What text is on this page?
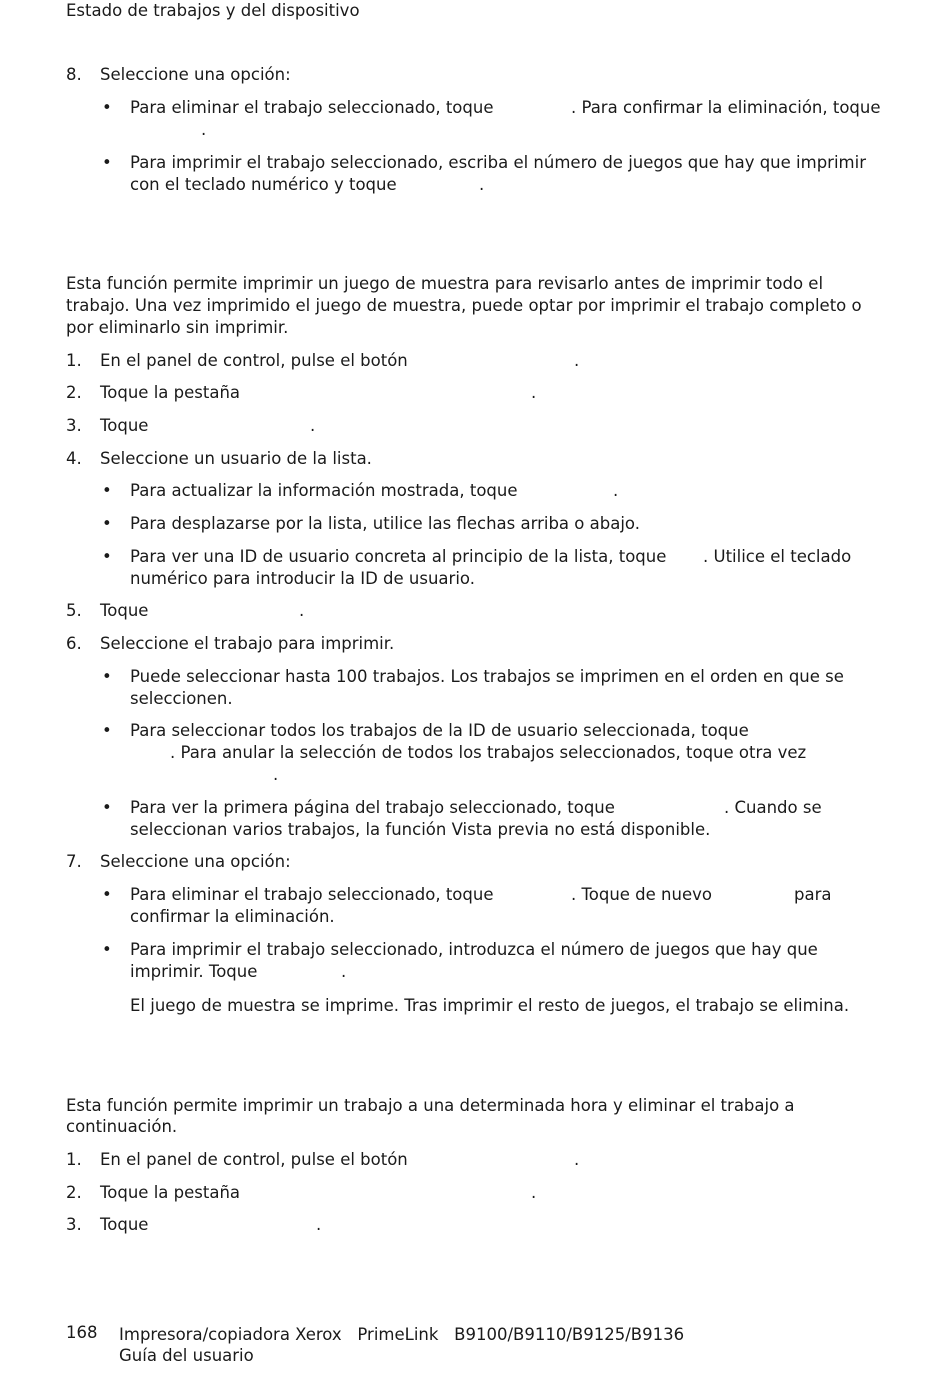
Estado de trabajos y del dispositivo
8.	Seleccione una opción:
• Para eliminar el trabajo seleccionado, toque	. Para confirmar la eliminación, toque
.
• Para imprimir el trabajo seleccionado, escriba el número de juegos que hay que imprimir
con el teclado numérico y toque	.
Esta función permite imprimir un juego de muestra para revisarlo antes de imprimir todo el
trabajo. Una vez imprimido el juego de muestra, puede optar por imprimir el trabajo completo o
por eliminarlo sin imprimir.
1.	En el panel de control, pulse el botón	.
2.	Toque la pestaña	.
3.	Toque	.
4.	Seleccione un usuario de la lista.
• Para actualizar la información mostrada, toque	.
• Para desplazarse por la lista, utilice las flechas arriba o abajo.
• Para ver una ID de usuario concreta al principio de la lista, toque . Utilice el teclado
numérico para introducir la ID de usuario.
5.	Toque	.
6.	Seleccione el trabajo para imprimir.
• Puede seleccionar hasta 100 trabajos. Los trabajos se imprimen en el orden en que se
seleccionen.
• Para seleccionar todos los trabajos de la ID de usuario seleccionada, toque
. Para anular la selección de todos los trabajos seleccionados, toque otra vez
.
• Para ver la primera página del trabajo seleccionado, toque	. Cuando se
seleccionan varios trabajos, la función Vista previa no está disponible.
7.	Seleccione una opción:
• Para eliminar el trabajo seleccionado, toque	. Toque de nuevo	para
confirmar la eliminación.
• Para imprimir el trabajo seleccionado, introduzca el número de juegos que hay que
imprimir. Toque	.
El juego de muestra se imprime. Tras imprimir el resto de juegos, el trabajo se elimina.
Esta función permite imprimir un trabajo a una determinada hora y eliminar el trabajo a
continuación.
1.	En el panel de control, pulse el botón	.
2.	Toque la pestaña	.
3.	Toque	.
168 Impresora/copiadora Xerox   PrimeLink   B9100/B9110/B9125/B9136
Guía del usuario
